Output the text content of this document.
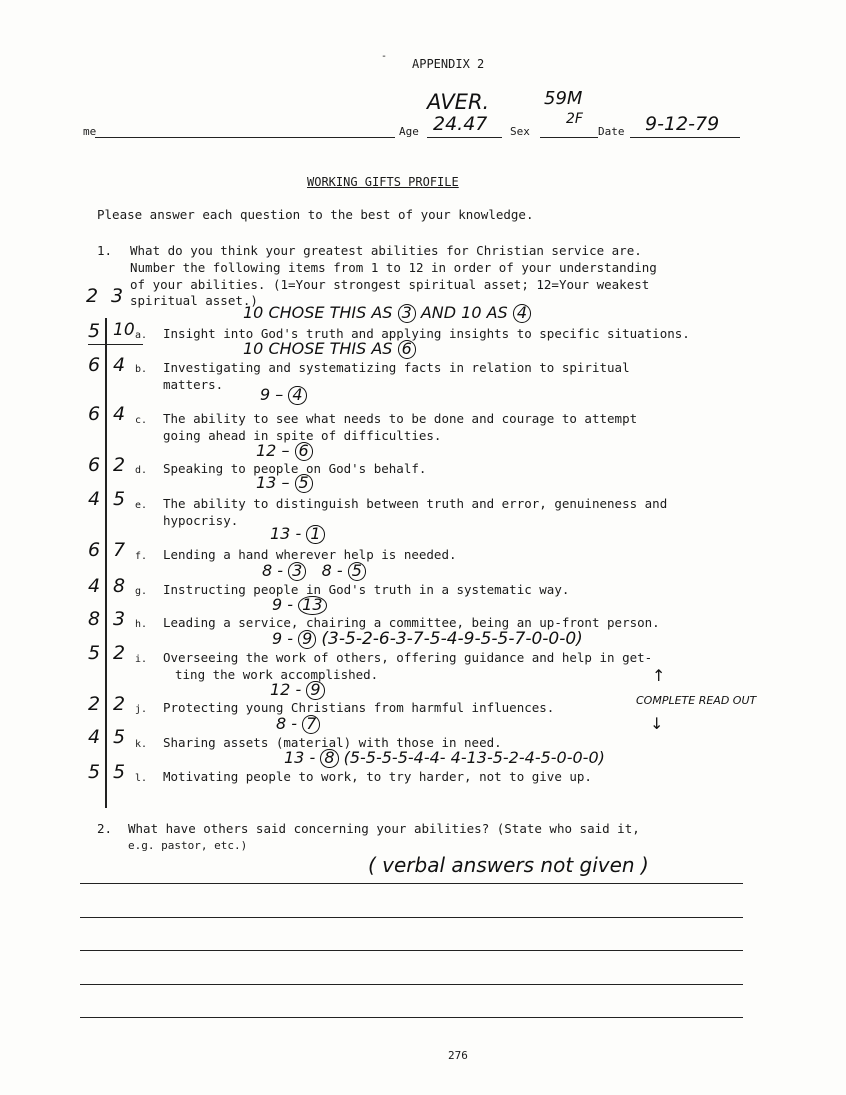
-
APPENDIX 2
AVER.	59M
me	Age 24.47 Sex
2F
Date 9-12-79
WORKING GIFTS PROFILE
Please answer each question to the best of your knowledge.
1. What do you think your greatest abilities for Christian service are.
Number the following items from 1 to 12 in order of your understanding
of your abilities. (1=Your strongest spiritual asset; 12=Your weakest
spiritual asset.)
2 3
10 CHOSE THIS AS 3 AND 10 AS 4
5 10 a. Insight into God's truth and applying insights to specific situations.
10 CHOSE THIS AS 6
6 4 b. Investigating and systematizing facts in relation to spiritual
matters.
9 – 4
6 4 c. The ability to see what needs to be done and courage to attempt
going ahead in spite of difficulties.
12 – 6
6 2 d. Speaking to people on God's behalf.
13 – 5
4 5 e. The ability to distinguish between truth and error, genuineness and
hypocrisy.
13 - 1
6 7 f. Lending a hand wherever help is needed.
8 - 3 8 - 5
4 8 g. Instructing people in God's truth in a systematic way.
9 - 13
8 3 h. Leading a service, chairing a committee, being an up-front person.
9 - 9 (3-5-2-6-3-7-5-4-9-5-5-7-0-0-0)
5 2 i. Overseeing the work of others, offering guidance and help in get-
ting the work accomplished.
12 - 9
↑
COMPLETE READ OUT
2 2 j. Protecting young Christians from harmful influences.
8 - 7	↓
4 5 k. Sharing assets (material) with those in need.
13 - 8 (5-5-5-5-4-4- 4-13-5-2-4-5-0-0-0)
5 5 l. Motivating people to work, to try harder, not to give up.
2. What have others said concerning your abilities? (State who said it,
e.g. pastor, etc.)
( verbal answers not given )
276
